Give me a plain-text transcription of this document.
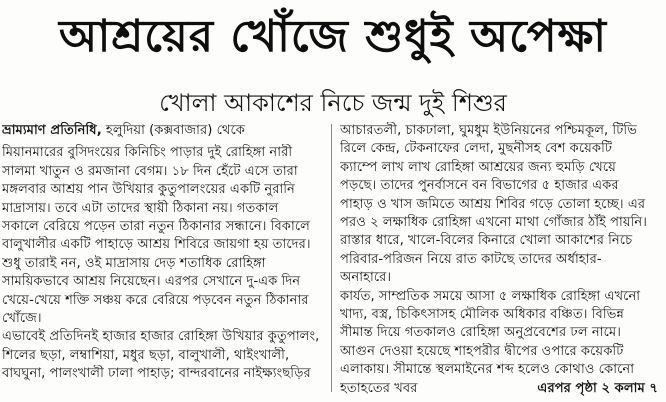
আশ্রয়ের খোঁজে শুধুই অপেক্ষা
খোলা আকাশের নিচে জন্ম দুই শিশুর
ভ্রাম্যমাণ প্রতিনিধি, হলুদিয়া (কক্সবাজার) থেকে
মিয়ানমারের বুসিদংয়ের কিনিচিং পাড়ার দুই রোহিঙ্গা নারী
সালমা খাতুন ও রমজানা বেগম। ১৮ দিন হেঁটে এসে তারা
মঙ্গলবার আশ্রয় পান উখিয়ার কুতুপালংয়ের একটি নুরানি
মাদ্রাসায়। তবে এটা তাদের স্থায়ী ঠিকানা নয়। গতকাল
সকালে বেরিয়ে পড়েন তারা নতুন ঠিকানার সন্ধানে। বিকালে
বালুখালীর একটি পাহাড়ে আশ্রয় শিবিরে জায়গা হয় তাদের।
শুধু তারাই নন, ওই মাদ্রাসায় দেড় শতাধিক রোহিঙ্গা
সাময়িকভাবে আশ্রয় নিয়েছেন। এরপর সেখানে দু-এক দিন
খেয়ে-খেয়ে শক্তি সঞ্চয় করে বেরিয়ে পড়বেন নতুন ঠিকানার
খোঁজে।
এভাবেই প্রতিদিনই হাজার হাজার রোহিঙ্গা উখিয়ার কুতুপালং,
শিলের ছড়া, লম্বাশিয়া, মধুর ছড়া, বালুখালী, থাইংখালী,
বাঘঘুনা, পালংখালী ঢালা পাহাড়; বান্দরবানের নাইক্ষ্যংছড়ির
আচারতলী, চাকঢালা, ঘুমধুম ইউনিয়নের পশ্চিমকূল, টিভি
রিলে কেন্দ্র, টেকনাফের লেদা, মুছনীসহ বেশ কয়েকটি
ক্যাম্পে লাখ লাখ রোহিঙ্গা আশ্রয়ের জন্য হুমড়ি খেয়ে
পড়ছে। তাদের পুনর্বাসনে বন বিভাগের ৫ হাজার একর
পাহাড় ও খাস জমিতে আশ্রয় শিবির গড়ে তোলা হচ্ছে। এর
পরও ২ লক্ষাধিক রোহিঙ্গা এখনো মাথা গোঁজার ঠাঁই পায়নি।
রাস্তার ধারে, খালে-বিলের কিনারে খোলা আকাশের নিচে
পরিবার-পরিজন নিয়ে রাত কাটছে তাদের অর্ধাহার-
অনাহারে।
কার্যত, সাম্প্রতিক সময়ে আসা ৫ লক্ষাধিক রোহিঙ্গা এখনো
খাদ্য, বস্ত্র, চিকিৎসাসহ মৌলিক অধিকার বঞ্চিত। বিভিন্ন
সীমান্ত দিয়ে গতকালও রোহিঙ্গা অনুপ্রবেশের ঢল নামে।
আগুন দেওয়া হয়েছে শাহপরীর দ্বীপের ওপারে কয়েকটি
এলাকায়। সীমান্তে স্থলমাইনের শব্দ হলেও কোথাও কোনো
হতাহতের খবর	এরপর পৃষ্ঠা ২ কলাম ৭
